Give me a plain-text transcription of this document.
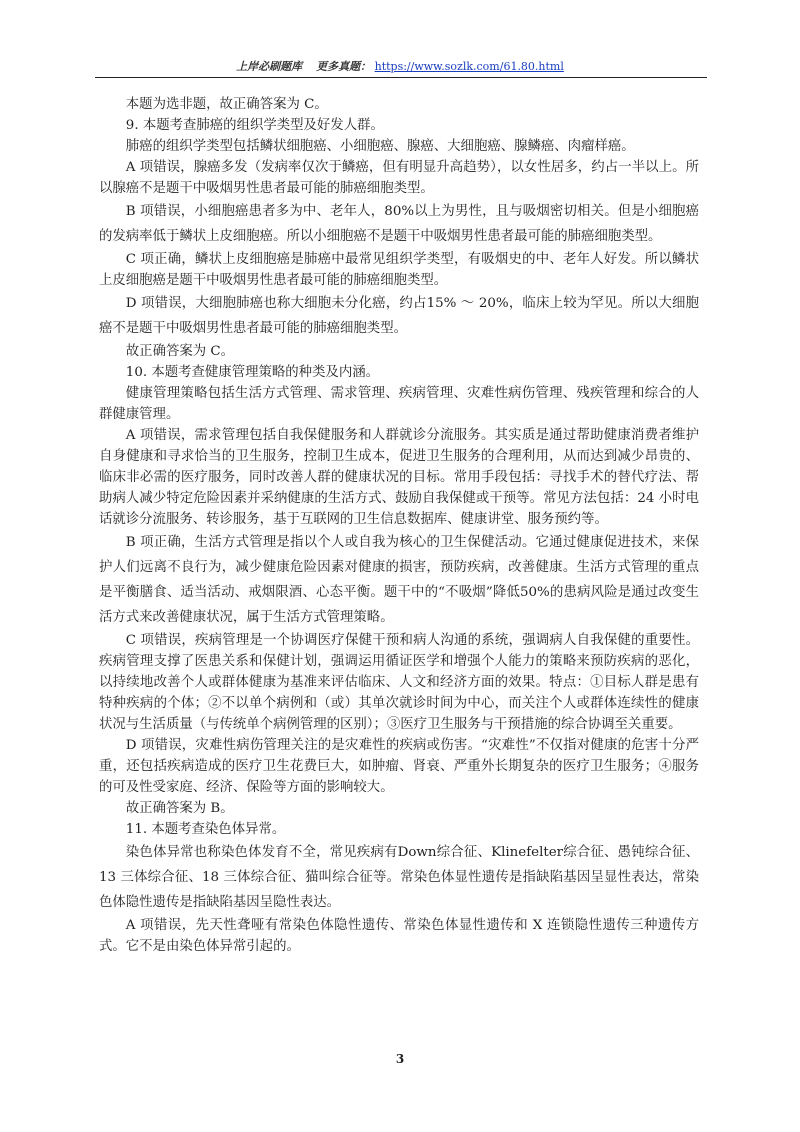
上岸必刷题库 更多真题： https://www.sozlk.com/61.80.html

本题为选非题，故正确答案为 C。

9. 本题考查肺癌的组织学类型及好发人群。

肺癌的组织学类型包括鳞状细胞癌、小细胞癌、腺癌、大细胞癌、腺鳞癌、肉瘤样癌。

A 项错误，腺癌多发（发病率仅次于鳞癌，但有明显升高趋势），以女性居多，约占一半以上。所以腺癌不是题干中吸烟男性患者最可能的肺癌细胞类型。

B 项错误，小细胞癌患者多为中、老年人，80%以上为男性，且与吸烟密切相关。但是小细胞癌的发病率低于鳞状上皮细胞癌。所以小细胞癌不是题干中吸烟男性患者最可能的肺癌细胞类型。

C 项正确，鳞状上皮细胞癌是肺癌中最常见组织学类型，有吸烟史的中、老年人好发。所以鳞状上皮细胞癌是题干中吸烟男性患者最可能的肺癌细胞类型。

D 项错误，大细胞肺癌也称大细胞未分化癌，约占15% ～ 20%，临床上较为罕见。所以大细胞癌不是题干中吸烟男性患者最可能的肺癌细胞类型。

故正确答案为 C。

10. 本题考查健康管理策略的种类及内涵。

健康管理策略包括生活方式管理、需求管理、疾病管理、灾难性病伤管理、残疾管理和综合的人群健康管理。

A 项错误，需求管理包括自我保健服务和人群就诊分流服务。其实质是通过帮助健康消费者维护自身健康和寻求恰当的卫生服务，控制卫生成本，促进卫生服务的合理利用，从而达到减少昂贵的、临床非必需的医疗服务，同时改善人群的健康状况的目标。常用手段包括：寻找手术的替代疗法、帮助病人减少特定危险因素并采纳健康的生活方式、鼓励自我保健或干预等。常见方法包括：24 小时电话就诊分流服务、转诊服务，基于互联网的卫生信息数据库、健康讲堂、服务预约等。

B 项正确，生活方式管理是指以个人或自我为核心的卫生保健活动。它通过健康促进技术，来保护人们远离不良行为，减少健康危险因素对健康的损害，预防疾病，改善健康。生活方式管理的重点是平衡膳食、适当活动、戒烟限酒、心态平衡。题干中的“不吸烟”降低50%的患病风险是通过改变生活方式来改善健康状况，属于生活方式管理策略。

C 项错误，疾病管理是一个协调医疗保健干预和病人沟通的系统，强调病人自我保健的重要性。疾病管理支撑了医患关系和保健计划，强调运用循证医学和增强个人能力的策略来预防疾病的恶化，以持续地改善个人或群体健康为基准来评估临床、人文和经济方面的效果。特点：①目标人群是患有特种疾病的个体；②不以单个病例和（或）其单次就诊时间为中心，而关注个人或群体连续性的健康状况与生活质量（与传统单个病例管理的区别）；③医疗卫生服务与干预措施的综合协调至关重要。

D 项错误，灾难性病伤管理关注的是灾难性的疾病或伤害。“灾难性”不仅指对健康的危害十分严重，还包括疾病造成的医疗卫生花费巨大，如肿瘤、肾衰、严重外长期复杂的医疗卫生服务；④服务的可及性受家庭、经济、保险等方面的影响较大。

故正确答案为 B。

11. 本题考查染色体异常。

染色体异常也称染色体发育不全，常见疾病有Down综合征、Klinefelter综合征、愚钝综合征、13 三体综合征、18 三体综合征、猫叫综合征等。常染色体显性遗传是指缺陷基因呈显性表达，常染色体隐性遗传是指缺陷基因呈隐性表达。

A 项错误，先天性聋哑有常染色体隐性遗传、常染色体显性遗传和 X 连锁隐性遗传三种遗传方式。它不是由染色体异常引起的。

3
